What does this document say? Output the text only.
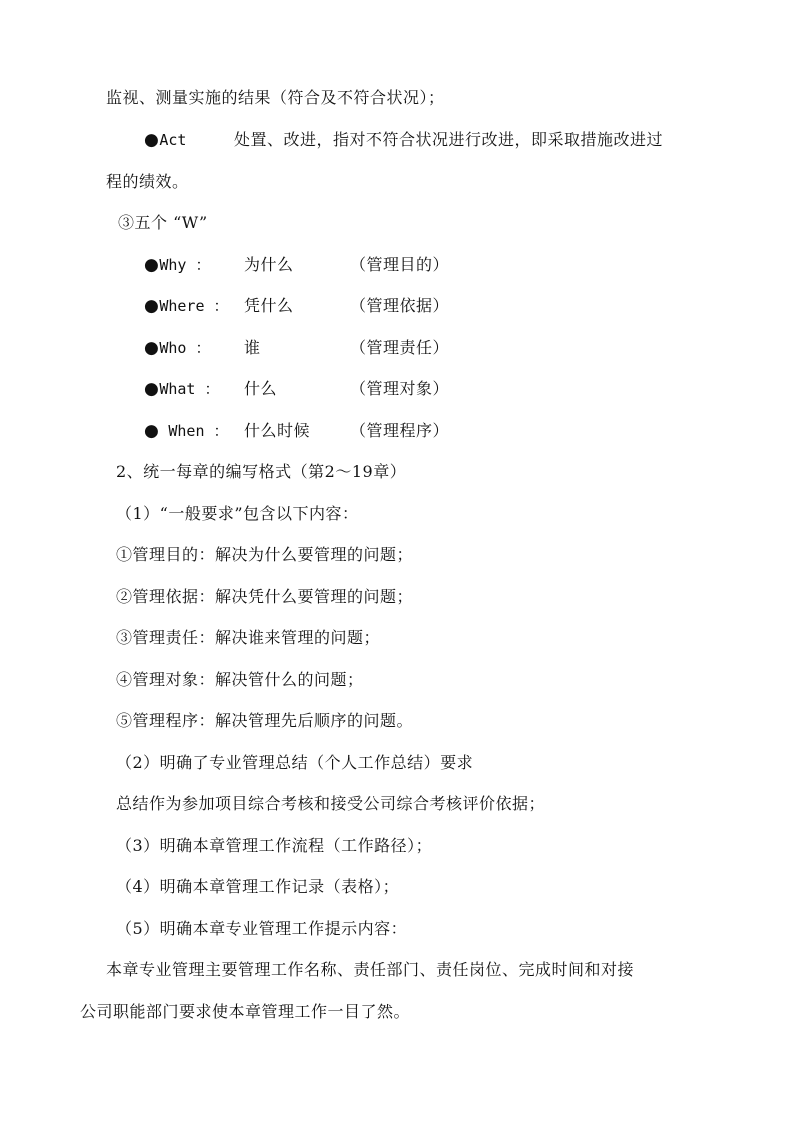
监视、测量实施的结果（符合及不符合状况）；
●Act	处置、改进，指对不符合状况进行改进，即采取措施改进过
程的绩效。
③五个 “W”
●Why ： 为什么	（管理目的）
●Where ： 凭什么	（管理依据）
●Who ： 谁	（管理责任）
●What ： 什么	（管理对象）
● When ： 什么时候 （管理程序）
2、统一每章的编写格式（第2～19章）
（1）“一般要求”包含以下内容：
①管理目的：解决为什么要管理的问题；
②管理依据：解决凭什么要管理的问题；
③管理责任：解决谁来管理的问题；
④管理对象：解决管什么的问题；
⑤管理程序：解决管理先后顺序的问题。
（2）明确了专业管理总结（个人工作总结）要求
总结作为参加项目综合考核和接受公司综合考核评价依据；
（3）明确本章管理工作流程（工作路径）；
（4）明确本章管理工作记录（表格）；
（5）明确本章专业管理工作提示内容：
本章专业管理主要管理工作名称、责任部门、责任岗位、完成时间和对接
公司职能部门要求使本章管理工作一目了然。
